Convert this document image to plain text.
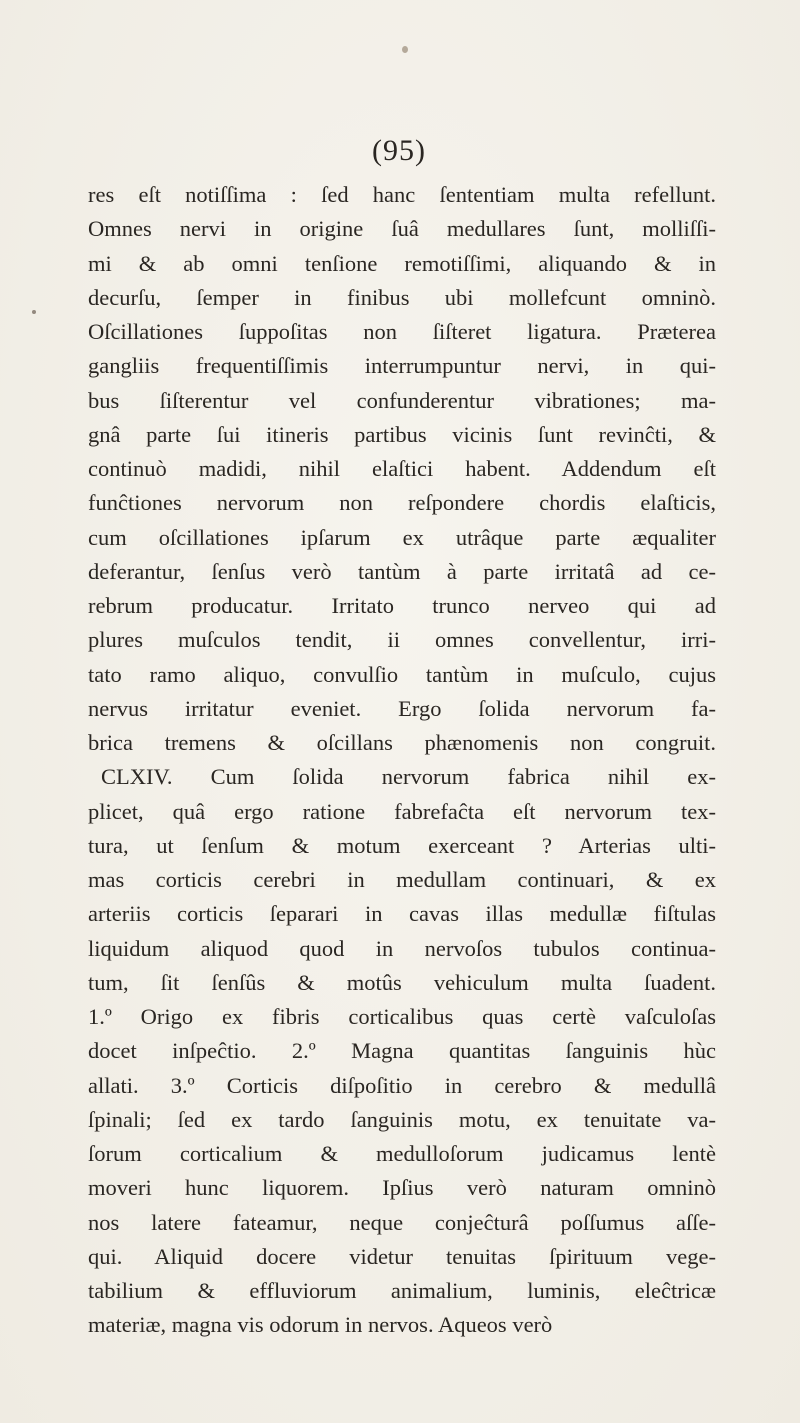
(95)
res eſt notiſſima : ſed hanc ſententiam multa refellunt.
Omnes nervi in origine ſuâ medullares ſunt, molliſſi-
mi & ab omni tenſione remotiſſimi, aliquando & in
decurſu, ſemper in finibus ubi mollefcunt omninò.
Oſcillationes ſuppoſitas non ſiſteret ligatura. Præterea
gangliis frequentiſſimis interrumpuntur nervi, in qui-
bus ſiſterentur vel confunderentur vibrationes; ma-
gnâ parte ſui itineris partibus vicinis ſunt revinĉti, &
continuò madidi, nihil elaſtici habent. Addendum eſt
funĉtiones nervorum non reſpondere chordis elaſticis,
cum oſcillationes ipſarum ex utrâque parte æqualiter
deferantur, ſenſus verò tantùm à parte irritatâ ad ce-
rebrum producatur. Irritato trunco nerveo qui ad
plures muſculos tendit, ii omnes convellentur, irri-
tato ramo aliquo, convulſio tantùm in muſculo, cujus
nervus irritatur eveniet. Ergo ſolida nervorum fa-
brica tremens & oſcillans phænomenis non congruit.
CLXIV. Cum ſolida nervorum fabrica nihil ex-
plicet, quâ ergo ratione fabrefaĉta eſt nervorum tex-
tura, ut ſenſum & motum exerceant ? Arterias ulti-
mas corticis cerebri in medullam continuari, & ex
arteriis corticis ſeparari in cavas illas medullæ fiſtulas
liquidum aliquod quod in nervoſos tubulos continua-
tum, ſit ſenſûs & motûs vehiculum multa ſuadent.
1.º Origo ex fibris corticalibus quas certè vaſculoſas
docet inſpeĉtio. 2.º Magna quantitas ſanguinis hùc
allati. 3.º Corticis diſpoſitio in cerebro & medullâ
ſpinali; ſed ex tardo ſanguinis motu, ex tenuitate va-
ſorum corticalium & medulloſorum judicamus lentè
moveri hunc liquorem. Ipſius verò naturam omninò
nos latere fateamur, neque conjeĉturâ poſſumus aſſe-
qui. Aliquid docere videtur tenuitas ſpirituum vege-
tabilium & effluviorum animalium, luminis, eleĉtricæ
materiæ, magna vis odorum in nervos. Aqueos verò
